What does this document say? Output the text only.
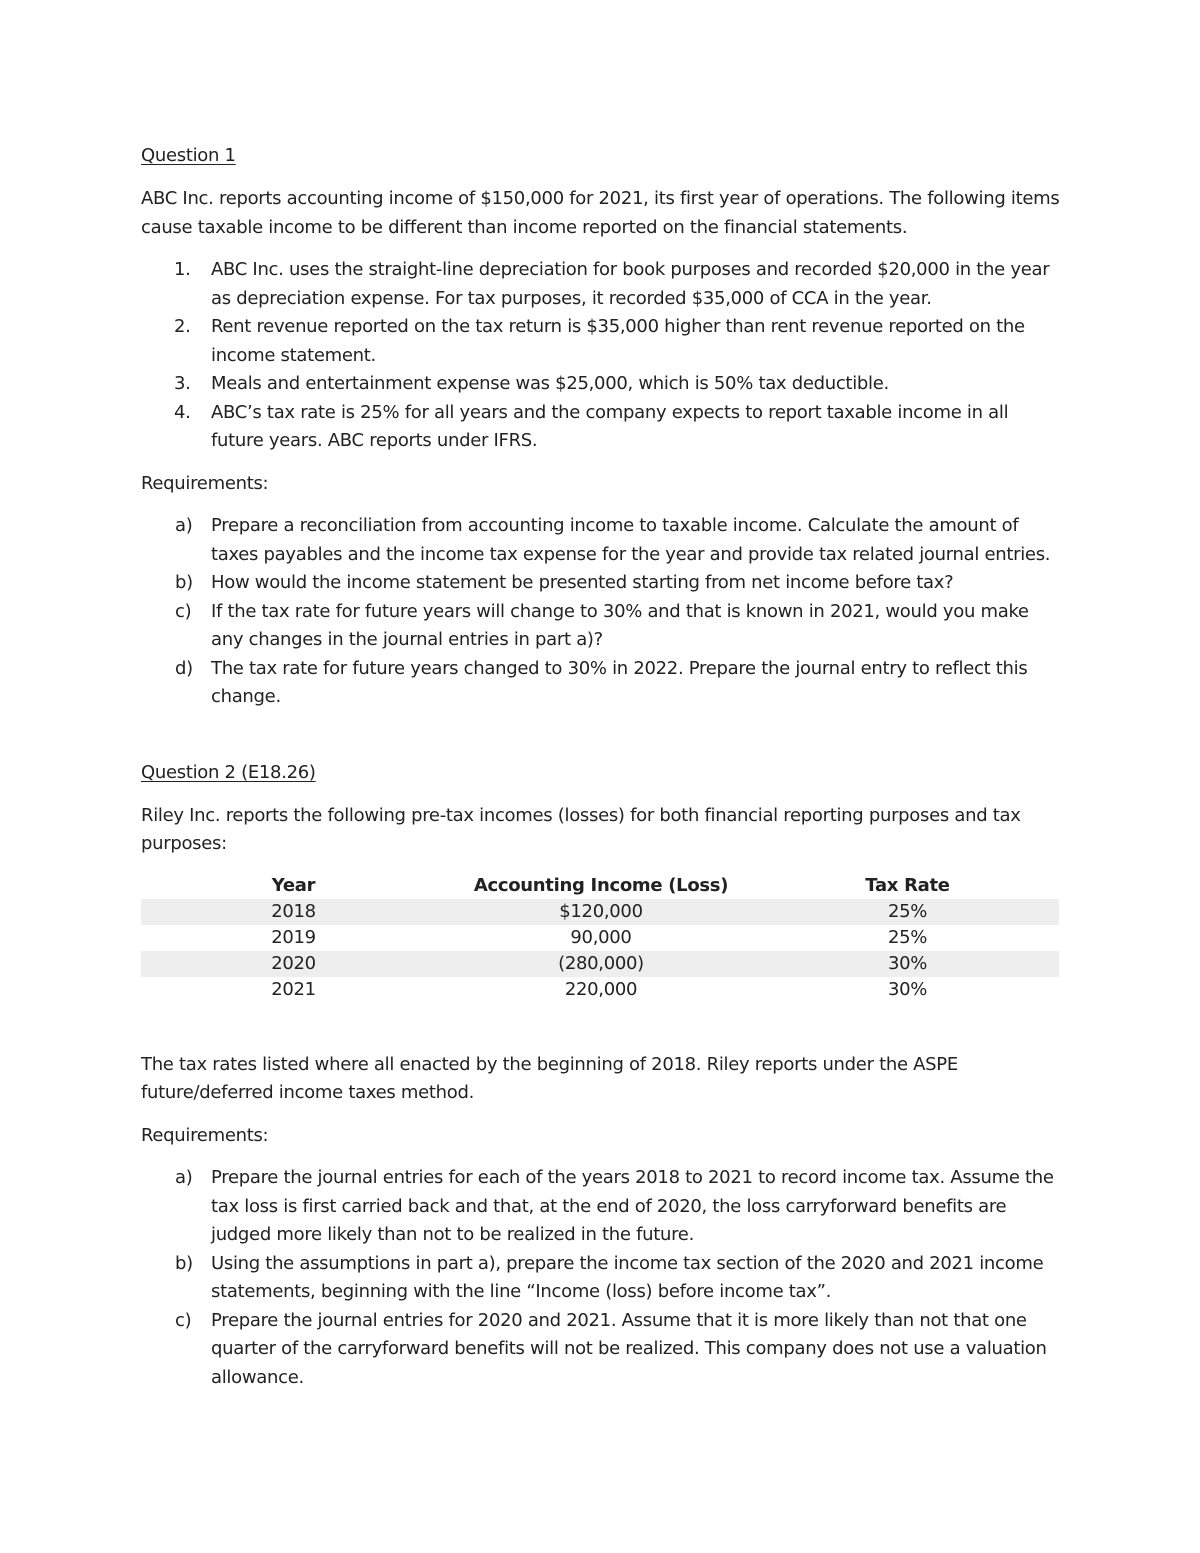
Question 1

ABC Inc. reports accounting income of $150,000 for 2021, its first year of operations. The following items cause taxable income to be different than income reported on the financial statements.

1. ABC Inc. uses the straight-line depreciation for book purposes and recorded $20,000 in the year as depreciation expense. For tax purposes, it recorded $35,000 of CCA in the year.
2. Rent revenue reported on the tax return is $35,000 higher than rent revenue reported on the income statement.
3. Meals and entertainment expense was $25,000, which is 50% tax deductible.
4. ABC’s tax rate is 25% for all years and the company expects to report taxable income in all future years. ABC reports under IFRS.

Requirements:

a) Prepare a reconciliation from accounting income to taxable income. Calculate the amount of taxes payables and the income tax expense for the year and provide tax related journal entries.
b) How would the income statement be presented starting from net income before tax?
c) If the tax rate for future years will change to 30% and that is known in 2021, would you make any changes in the journal entries in part a)?
d) The tax rate for future years changed to 30% in 2022. Prepare the journal entry to reflect this change.
Question 2 (E18.26)

Riley Inc. reports the following pre-tax incomes (losses) for both financial reporting purposes and tax purposes:

Year	Accounting Income (Loss)	Tax Rate
2018	$120,000	25%
2019	90,000	25%
2020	(280,000)	30%
2021	220,000	30%

The tax rates listed where all enacted by the beginning of 2018. Riley reports under the ASPE future/deferred income taxes method.

Requirements:

a) Prepare the journal entries for each of the years 2018 to 2021 to record income tax. Assume the tax loss is first carried back and that, at the end of 2020, the loss carryforward benefits are judged more likely than not to be realized in the future.
b) Using the assumptions in part a), prepare the income tax section of the 2020 and 2021 income statements, beginning with the line “Income (loss) before income tax”.
c) Prepare the journal entries for 2020 and 2021. Assume that it is more likely than not that one quarter of the carryforward benefits will not be realized. This company does not use a valuation allowance.
